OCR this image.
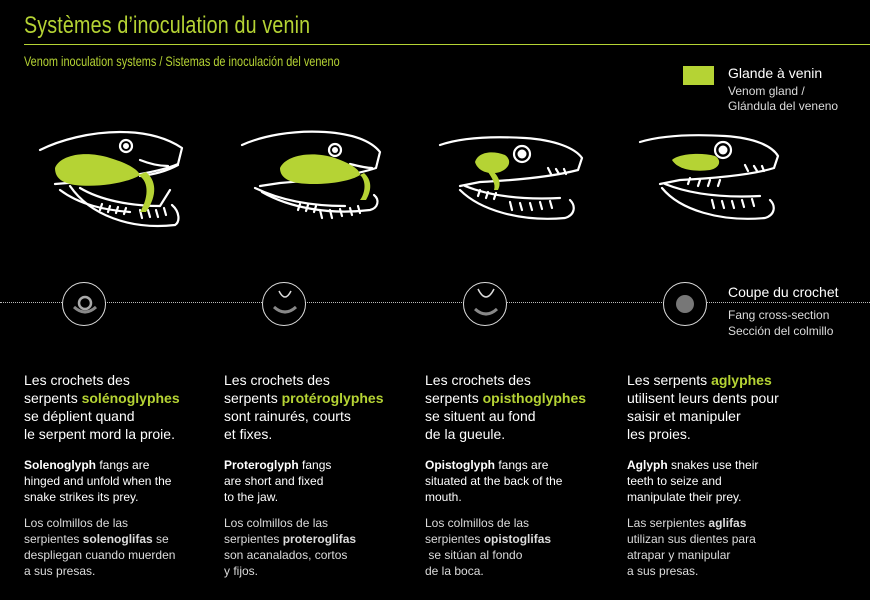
Systèmes d’inoculation du venin
Venom inoculation systems / Sistemas de inoculación del veneno
Glande à venin
Venom gland /
Glándula del veneno
Coupe du crochet
Fang cross-section
Sección del colmillo

Les crochets des
serpents solénoglyphes
se déplient quand
le serpent mord la proie.

Solenoglyph fangs are
hinged and unfold when the
snake strikes its prey.

Los colmillos de las
serpientes solenoglifas se
despliegan cuando muerden
a sus presas.

Les crochets des
serpents protéroglyphes
sont rainurés, courts
et fixes.

Proteroglyph fangs
are short and fixed
to the jaw.

Los colmillos de las
serpientes proteroglifas
son acanalados, cortos
y fijos.

Les crochets des
serpents opisthoglyphes
se situent au fond
de la gueule.

Opistoglyph fangs are
situated at the back of the
mouth.

Los colmillos de las
serpientes opistoglifas
se sitúan al fondo
de la boca.

Les serpents aglyphes
utilisent leurs dents pour
saisir et manipuler
les proies.

Aglyph snakes use their
teeth to seize and
manipulate their prey.

Las serpientes aglifas
utilizan sus dientes para
atrapar y manipular
a sus presas.
